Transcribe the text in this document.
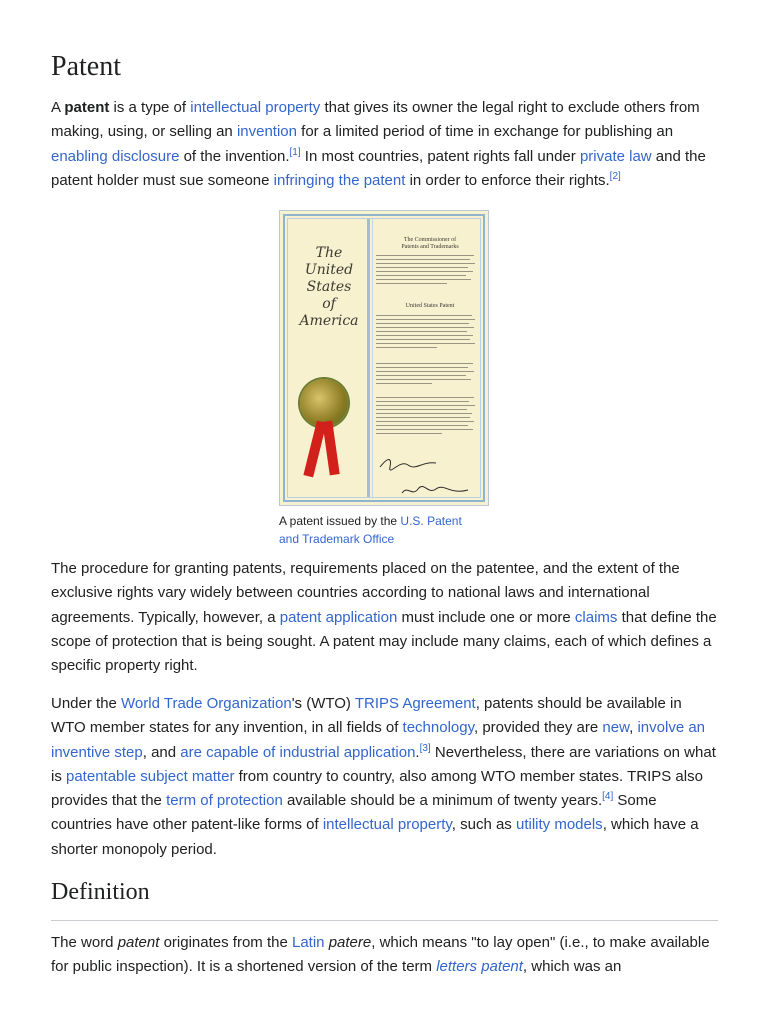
Patent

A patent is a type of intellectual property that gives its owner the legal right to exclude others from making, using, or selling an invention for a limited period of time in exchange for publishing an enabling disclosure of the invention.[1] In most countries, patent rights fall under private law and the patent holder must sue someone infringing the patent in order to enforce their rights.[2]

The
United
States
of
America
The Commissioner of
Patents and Trademarks
United States Patent
A patent issued by the U.S. Patent and Trademark Office

The procedure for granting patents, requirements placed on the patentee, and the extent of the exclusive rights vary widely between countries according to national laws and international agreements. Typically, however, a patent application must include one or more claims that define the scope of protection that is being sought. A patent may include many claims, each of which defines a specific property right.

Under the World Trade Organization's (WTO) TRIPS Agreement, patents should be available in WTO member states for any invention, in all fields of technology, provided they are new, involve an inventive step, and are capable of industrial application.[3] Nevertheless, there are variations on what is patentable subject matter from country to country, also among WTO member states. TRIPS also provides that the term of protection available should be a minimum of twenty years.[4] Some countries have other patent-like forms of intellectual property, such as utility models, which have a shorter monopoly period.

Definition

The word patent originates from the Latin patere, which means "to lay open" (i.e., to make available for public inspection). It is a shortened version of the term letters patent, which was an
